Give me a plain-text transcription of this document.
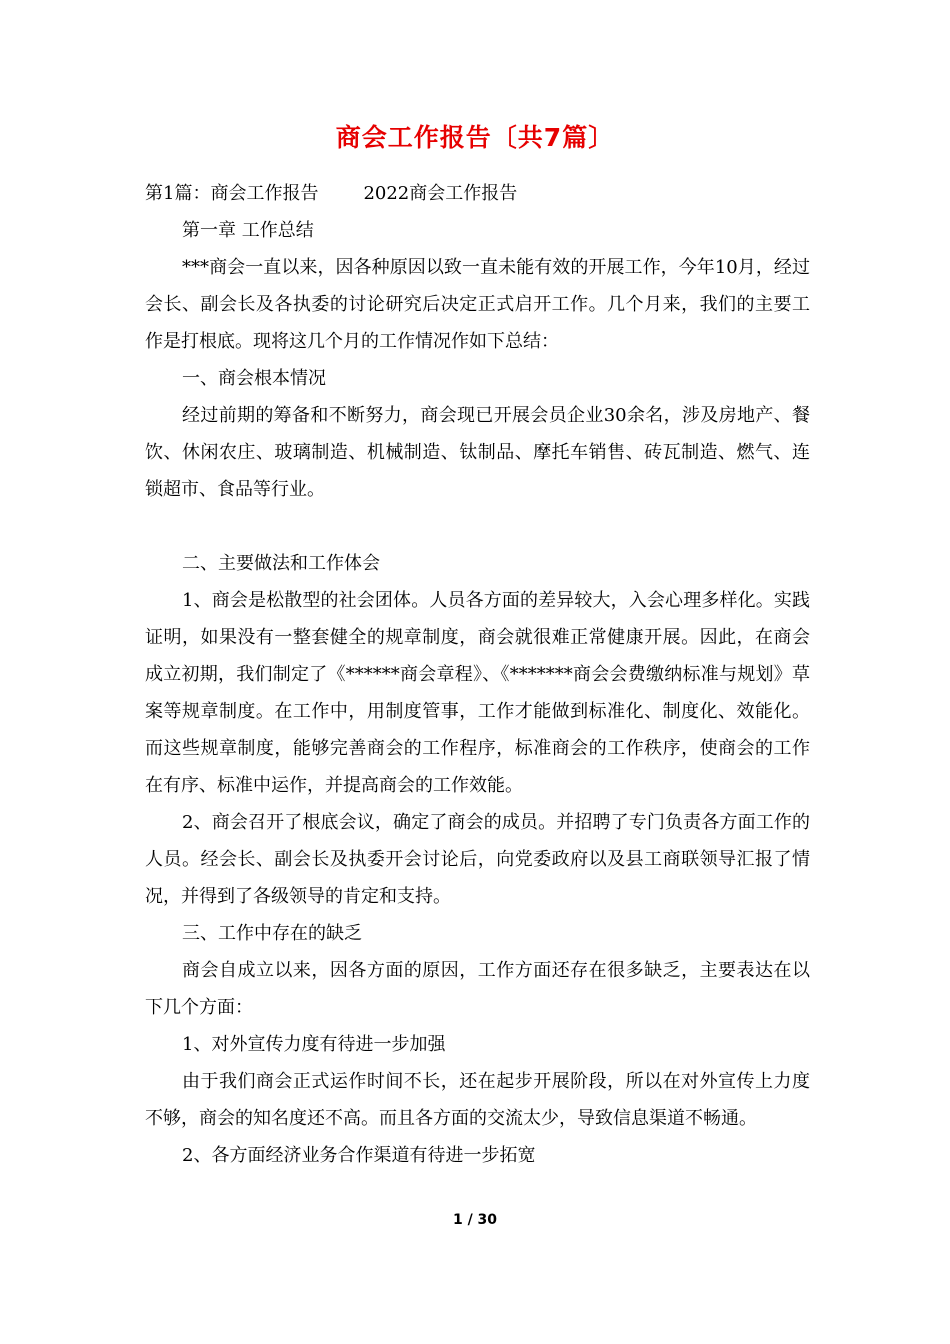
商会工作报告〔共7篇〕

第1篇：商会工作报告	2022商会工作报告

第一章 工作总结

***商会一直以来，因各种原因以致一直未能有效的开展工作，今年10月，经过会长、副会长及各执委的讨论研究后决定正式启开工作。几个月来，我们的主要工作是打根底。现将这几个月的工作情况作如下总结：

一、商会根本情况

经过前期的筹备和不断努力，商会现已开展会员企业30余名，涉及房地产、餐饮、休闲农庄、玻璃制造、机械制造、钛制品、摩托车销售、砖瓦制造、燃气、连锁超市、食品等行业。

二、主要做法和工作体会

1、商会是松散型的社会团体。人员各方面的差异较大，入会心理多样化。实践证明，如果没有一整套健全的规章制度，商会就很难正常健康开展。因此，在商会成立初期，我们制定了《******商会章程》、《*******商会会费缴纳标准与规划》草案等规章制度。在工作中，用制度管事，工作才能做到标准化、制度化、效能化。而这些规章制度，能够完善商会的工作程序，标准商会的工作秩序，使商会的工作在有序、标准中运作，并提高商会的工作效能。

2、商会召开了根底会议，确定了商会的成员。并招聘了专门负责各方面工作的人员。经会长、副会长及执委开会讨论后，向党委政府以及县工商联领导汇报了情况，并得到了各级领导的肯定和支持。

三、工作中存在的缺乏

商会自成立以来，因各方面的原因，工作方面还存在很多缺乏，主要表达在以下几个方面：

1、对外宣传力度有待进一步加强

由于我们商会正式运作时间不长，还在起步开展阶段，所以在对外宣传上力度不够，商会的知名度还不高。而且各方面的交流太少，导致信息渠道不畅通。

2、各方面经济业务合作渠道有待进一步拓宽

1 / 30
